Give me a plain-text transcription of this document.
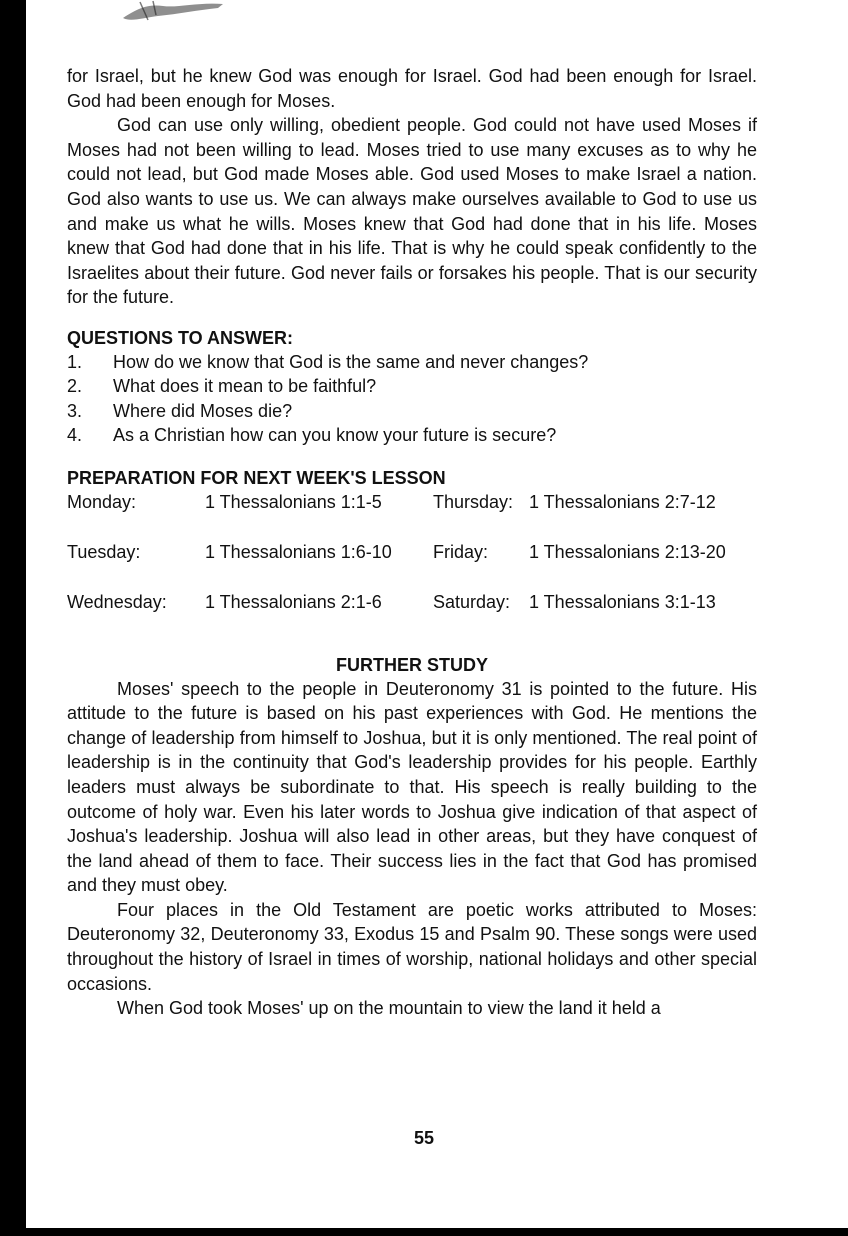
for Israel, but he knew God was enough for Israel. God had been enough for Israel. God had been enough for Moses.

God can use only willing, obedient people. God could not have used Moses if Moses had not been willing to lead. Moses tried to use many excuses as to why he could not lead, but God made Moses able. God used Moses to make Israel a nation. God also wants to use us. We can always make ourselves available to God to use us and make us what he wills. Moses knew that God had done that in his life. Moses knew that God had done that in his life. That is why he could speak confidently to the Israelites about their future. God never fails or forsakes his people. That is our security for the future.

QUESTIONS TO ANSWER:
1.	How do we know that God is the same and never changes?
2.	What does it mean to be faithful?
3.	Where did Moses die?
4.	As a Christian how can you know your future is secure?
PREPARATION FOR NEXT WEEK'S LESSON
Monday:	1 Thessalonians 1:1-5	Thursday:	1 Thessalonians 2:7-12
Tuesday:	1 Thessalonians 1:6-10	Friday:	1 Thessalonians 2:13-20
Wednesday:	1 Thessalonians 2:1-6	Saturday:	1 Thessalonians 3:1-13
FURTHER STUDY

Moses' speech to the people in Deuteronomy 31 is pointed to the future. His attitude to the future is based on his past experiences with God. He mentions the change of leadership from himself to Joshua, but it is only mentioned. The real point of leadership is in the continuity that God's leadership provides for his people. Earthly leaders must always be subordinate to that. His speech is really building to the outcome of holy war. Even his later words to Joshua give indication of that aspect of Joshua's leadership. Joshua will also lead in other areas, but they have conquest of the land ahead of them to face. Their success lies in the fact that God has promised and they must obey.

Four places in the Old Testament are poetic works attributed to Moses: Deuteronomy 32, Deuteronomy 33, Exodus 15 and Psalm 90. These songs were used throughout the history of Israel in times of worship, national holidays and other special occasions.

When God took Moses' up on the mountain to view the land it held a

55
